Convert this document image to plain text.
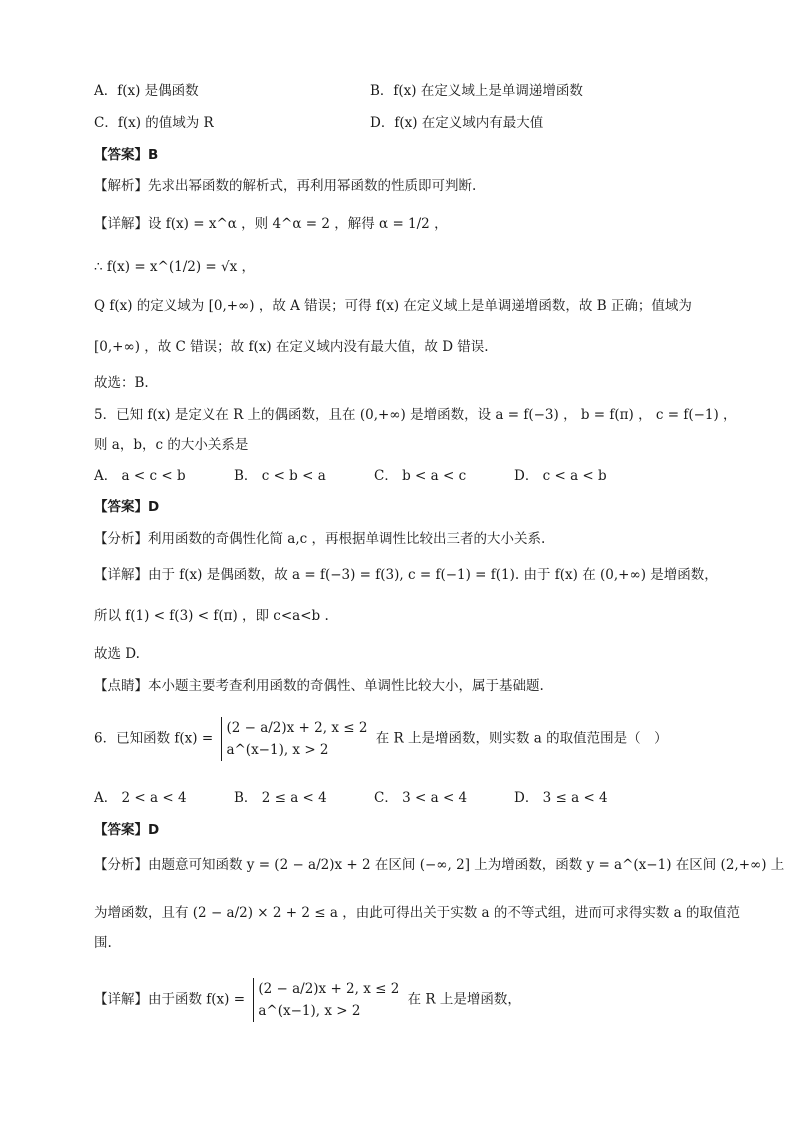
A．f(x) 是偶函数	B．f(x) 在定义域上是单调递增函数
C．f(x) 的值域为 R	D．f(x) 在定义域内有最大值
【答案】B
【解析】先求出幂函数的解析式，再利用幂函数的性质即可判断.
【详解】设 f(x) = x^α ，则 4^α = 2 ，解得 α = 1/2 ，
∴ f(x) = x^(1/2) = √x ，
Q f(x) 的定义域为 [0,+∞) ，故 A 错误；可得 f(x) 在定义域上是单调递增函数，故 B 正确；值域为
[0,+∞) ，故 C 错误；故 f(x) 在定义域内没有最大值，故 D 错误.
故选：B.
5．已知 f(x) 是定义在 R 上的偶函数，且在 (0,+∞) 是增函数，设 a = f(−3) ， b = f(π) ， c = f(−1) ，
则 a，b，c 的大小关系是
A． a < c < b	B． c < b < a	C． b < a < c	D． c < a < b
【答案】D
【分析】利用函数的奇偶性化简 a,c ，再根据单调性比较出三者的大小关系.
【详解】由于 f(x) 是偶函数，故 a = f(−3) = f(3), c = f(−1) = f(1). 由于 f(x) 在 (0,+∞) 是增函数，
所以 f(1) < f(3) < f(π) ，即 c<a<b .
故选 D.
【点睛】本小题主要考查利用函数的奇偶性、单调性比较大小，属于基础题.
6．已知函数 f(x) =
(2 − a/2)x + 2, x ≤ 2
a^(x−1), x > 2
在 R 上是增函数，则实数 a 的取值范围是（　）
A． 2 < a < 4	B． 2 ≤ a < 4	C． 3 < a < 4	D． 3 ≤ a < 4
【答案】D
【分析】由题意可知函数 y = (2 − a/2)x + 2 在区间 (−∞, 2] 上为增函数，函数 y = a^(x−1) 在区间 (2,+∞) 上
为增函数，且有 (2 − a/2) × 2 + 2 ≤ a ，由此可得出关于实数 a 的不等式组，进而可求得实数 a 的取值范
围.
【详解】由于函数 f(x) =
(2 − a/2)x + 2, x ≤ 2
a^(x−1), x > 2
在 R 上是增函数，
